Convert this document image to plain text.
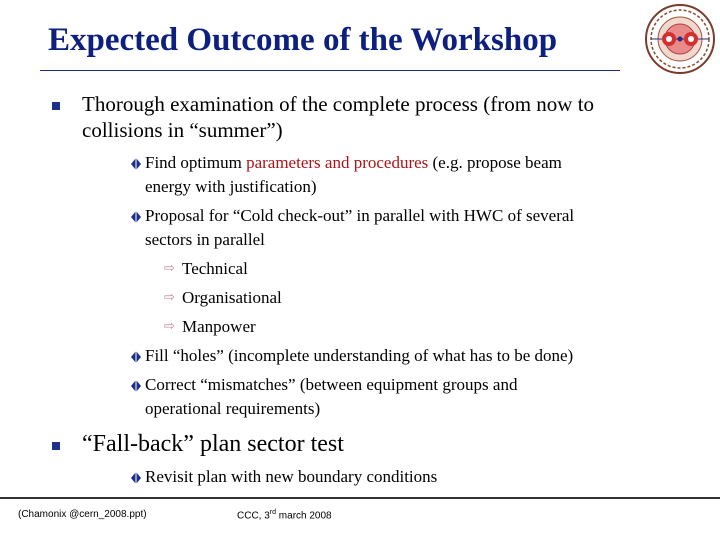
Expected Outcome of the Workshop
Thorough examination of the complete process (from now to
collisions in “summer”)
Find optimum parameters and procedures (e.g. propose beam
energy with justification)
Proposal for “Cold check-out” in parallel with HWC of several
sectors in parallel
⇨ Technical
⇨ Organisational
⇨ Manpower
Fill “holes” (incomplete understanding of what has to be done)
Correct “mismatches” (between equipment groups and
operational requirements)
“Fall-back” plan sector test
Revisit plan with new boundary conditions
(Chamonix @cern_2008.ppt)	CCC, 3rd march 2008
